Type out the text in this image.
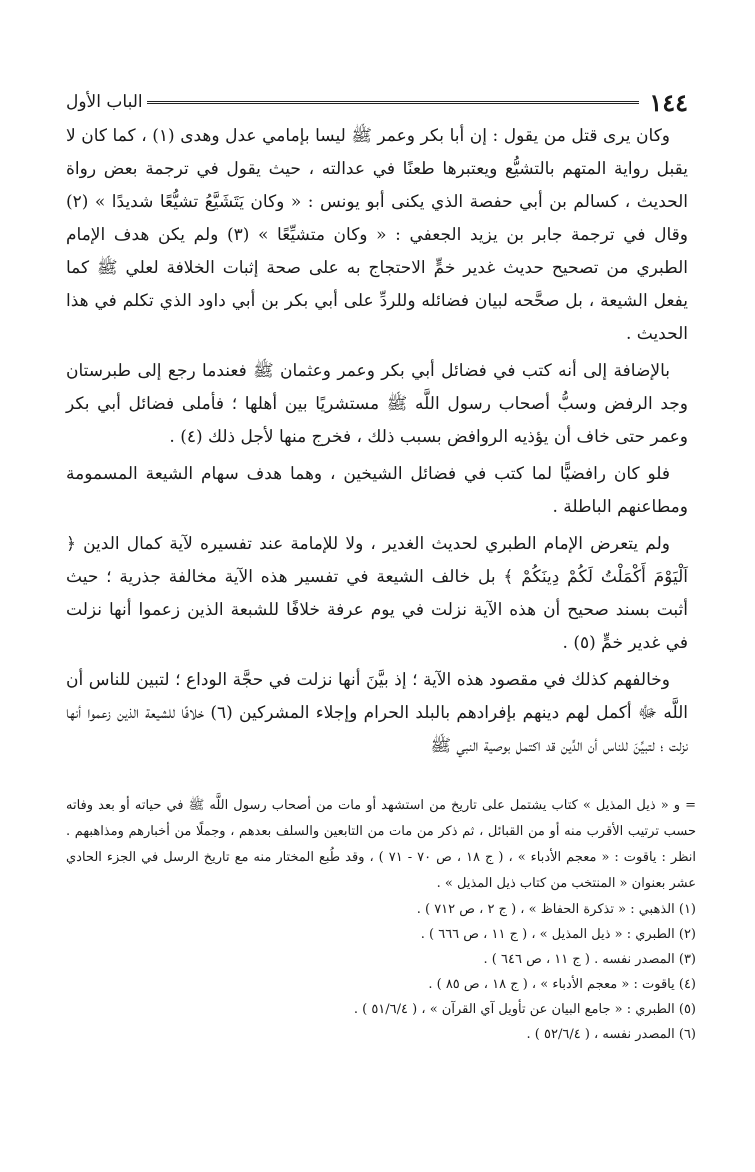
١٤٤
الباب الأول

وكان يرى قتل من يقول : إن أبا بكر وعمر ﷺ ليسا بإمامي عدل وهدى (١) ، كما كان لا يقبل رواية المتهم بالتشيُّع ويعتبرها طعنًا في عدالته ، حيث يقول في ترجمة بعض رواة الحديث ، كسالم بن أبي حفصة الذي يكنى أبو يونس : « وكان يَتَشَيَّعُ تشيُّعًا شديدًا » (٢) وقال في ترجمة جابر بن يزيد الجعفي : « وكان متشيِّعًا » (٣) ولم يكن هدف الإمام الطبري من تصحيح حديث غدير خمٍّ الاحتجاج به على صحة إثبات الخلافة لعلي ﷺ كما يفعل الشيعة ، بل صحَّحه لبيان فضائله وللردِّ على أبي بكر بن أبي داود الذي تكلم في هذا الحديث .

بالإضافة إلى أنه كتب في فضائل أبي بكر وعمر وعثمان ﷺ فعندما رجع إلى طبرستان وجد الرفض وسبُّ أصحاب رسول اللَّه ﷺ مستشريًا بين أهلها ؛ فأملى فضائل أبي بكر وعمر حتى خاف أن يؤذيه الروافض بسبب ذلك ، فخرج منها لأجل ذلك (٤) .

فلو كان رافضيًّا لما كتب في فضائل الشيخين ، وهما هدف سهام الشيعة المسمومة ومطاعنهم الباطلة .

ولم يتعرض الإمام الطبري لحديث الغدير ، ولا للإمامة عند تفسيره لآية كمال الدين ﴿ اَلْيَوْمَ أَكْمَلْتُ لَكُمْ دِينَكُمْ ﴾ بل خالف الشيعة في تفسير هذه الآية مخالفة جذرية ؛ حيث أثبت بسند صحيح أن هذه الآية نزلت في يوم عرفة خلافًا للشبعة الذين زعموا أنها نزلت في غدير خمٍّ (٥) .

وخالفهم كذلك في مقصود هذه الآية ؛ إذ بيَّنَ أنها نزلت في حجَّة الوداع ؛ لتبين للناس أن اللَّه ﷻ أكمل لهم دينهم بإفرادهم بالبلد الحرام وإجلاء المشركين (٦) خلافًا للشيعة الذين زعموا أنها نزلت ؛ لتبيِّنَ للناس أن الدِّين قد اكتمل بوصية النبي ﷺ

= و « ذيل المذيل » كتاب يشتمل على تاريخ من استشهد أو مات من أصحاب رسول اللَّه ﷺ في حياته أو بعد وفاته حسب ترتيب الأقرب منه أو من القبائل ، ثم ذكر من مات من التابعين والسلف بعدهم ، وجملًا من أخبارهم ومذاهبهم . انظر : ياقوت : « معجم الأدباء » ، ( ج ١٨ ، ص ٧٠ - ٧١ ) ، وقد طُبع المختار منه مع تاريخ الرسل في الجزء الحادي عشر بعنوان « المنتخب من كتاب ذيل المذيل » .

(١) الذهبي : « تذكرة الحفاظ » ، ( ج ٢ ، ص ٧١٢ ) .

(٢) الطبري : « ذيل المذيل » ، ( ج ١١ ، ص ٦٦٦ ) .

(٣) المصدر نفسه . ( ج ١١ ، ص ٦٤٦ ) .

(٤) ياقوت : « معجم الأدباء » ، ( ج ١٨ ، ص ٨٥ ) .

(٥) الطبري : « جامع البيان عن تأويل آي القرآن » ، ( ٥١/٦/٤ ) .

(٦) المصدر نفسه ، ( ٥٢/٦/٤ ) .
